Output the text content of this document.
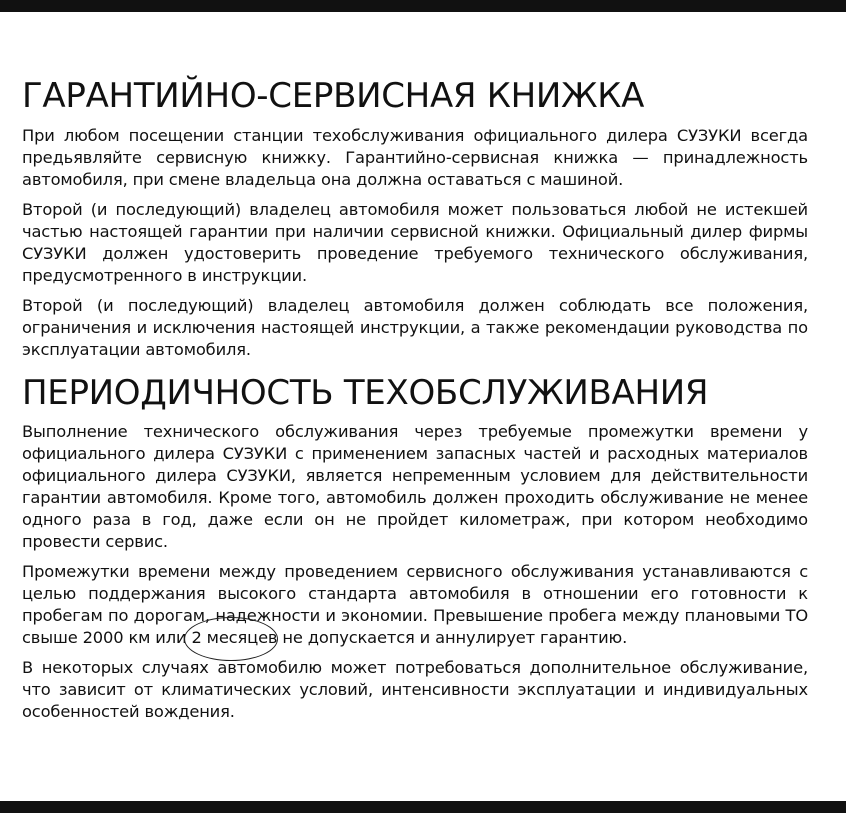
ГАРАНТИЙНО-СЕРВИСНАЯ КНИЖКА

При любом посещении станции техобслуживания официального дилера СУЗУКИ всегда предьявляйте сервисную книжку. Гарантийно-сервисная книжка — принадлежность автомобиля, при смене владельца она должна оставаться с машиной.

Второй (и последующий) владелец автомобиля может пользоваться любой не истекшей частью настоящей гарантии при наличии сервисной книжки. Официальный дилер фирмы СУЗУКИ должен удостоверить проведение требуемого технического обслуживания, предусмотренного в инструкции.

Второй (и последующий) владелец автомобиля должен соблюдать все положения, ограничения и исключения настоящей инструкции, а также рекомендации руководства по эксплуатации автомобиля.

ПЕРИОДИЧНОСТЬ ТЕХОБСЛУЖИВАНИЯ

Выполнение технического обслуживания через требуемые промежутки времени у официального дилера СУЗУКИ с применением запасных частей и расходных материалов официального дилера СУЗУКИ, является непременным условием для действительности гарантии автомобиля. Кроме того, автомобиль должен проходить обслуживание не менее одного раза в год, даже если он не пройдет километраж, при котором необходимо провести сервис.

Промежутки времени между проведением сервисного обслуживания устанавливаются с целью поддержания высокого стандарта автомобиля в отношении его готовности к пробегам по дорогам, надежности и экономии. Превышение пробега между плановыми ТО свыше 2000 км или 2 месяцев
не допускается и аннулирует гарантию.

В некоторых случаях автомобилю может потребоваться дополнительное обслуживание, что зависит от климатических условий, интенсивности эксплуатации и индивидуальных особенностей вождения.
